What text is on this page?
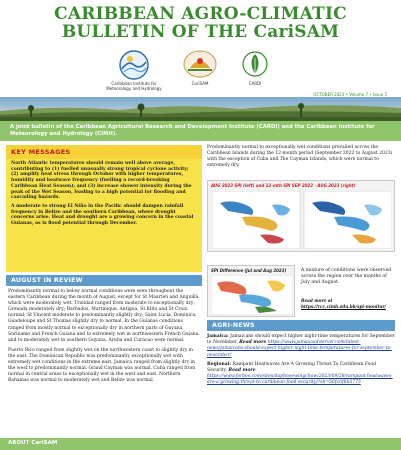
CARIBBEAN AGRO-CLIMATIC
BULLETIN OF THE CariSAM
Caribbean Institute for Meteorology and Hydrology
CariSAM	CARDI
OCTOBER 2023 • Volume 7 • Issue 5

A joint bulletin of the Caribbean Agricultural Research and Development Institute (CARDI) and the Caribbean Institute for Meteorology and Hydrology (CIMH).

KEY MESSAGES

North Atlantic temperatures should remain well above average, contributing to (1) fuelled unusually strong tropical cyclone activity; (2) amplify heat stress through October with higher temperatures, humidity and heatwave frequency (fuelling a record-breaking Caribbean Heat Season); and (3) increase shower intensity during the peak of the Wet Season, leading to a high potential for flooding and cascading hazards.

A moderate to strong El Niño in the Pacific should dampen rainfall frequency in Belize and the southern Caribbean, where drought concerns arise. Heat and drought are a growing concern in the coastal Guianas, as is flood potential through December.

AUGUST IN REVIEW
Predominantly normal to below normal conditions were seen throughout the eastern Caribbean during the month of August, except for St Maarten and Anguilla which were moderately wet. Trinidad ranged from moderate to exceptionally dry; Grenada moderately dry; Barbados, Martinique, Antigua, St Kitts and St Croix normal; St Vincent moderate to predominantly slightly dry; Saint Lucia, Dominica, Guadeloupe and St Thomas slightly dry to normal. In the Guianas conditions ranged from mostly normal to exceptionally dry in northern parts of Guyana, Suriname and French Guiana and to extremely wet in northwestern French Guiana, and to moderately wet in southern Guyana. Aruba and Curacao were normal.
Puerto Rico ranged from slightly wet on the northwestern coast to slightly dry in the east. The Dominican Republic was predominantly exceptionally wet with extremely wet conditions in the extreme east. Jamaica ranged from slightly dry in the west to predominantly normal. Grand Cayman was normal. Cuba ranged from normal in central areas to exceptionally wet in the west and east. Northern Bahamas was normal to moderately wet and Belize was normal.
Predominantly normal to exceptionally wet conditions prevailed across the Caribbean Islands during the 12-month period (September 2022 to August 2023) with the exception of Cuba and The Cayman Islands, which were normal to extremely dry.
AUG 2023 SPI (left) and 12-mth SPI SEP 2022 - AUG 2023 (right)
SPI Difference (Jul and Aug 2023)	A mixture of conditions were observed across the region over the months of July and August.
Read more at https://rcc.cimh.edu.bb/spi-monitor/
AGRI-NEWS

Jamaica: Jamaicans should expect higher night-time temperatures for September to November. Read more https://www.jamaicaobserver.com/latest-news/jamaicans-should-expect-higher-night-time-temperatures-for-september-to-november/

Regional: Rampant Heatwaves Are A Growing Threat To Caribbean Food Security. Read more https://www.forbes.com/sites/daphneewingchow/2023/09/28/rampant-heatwaves-are-a-growing-threat-to-caribbean-food-security/?sh=56fc6f6b5775

ABOUT CariSAM
